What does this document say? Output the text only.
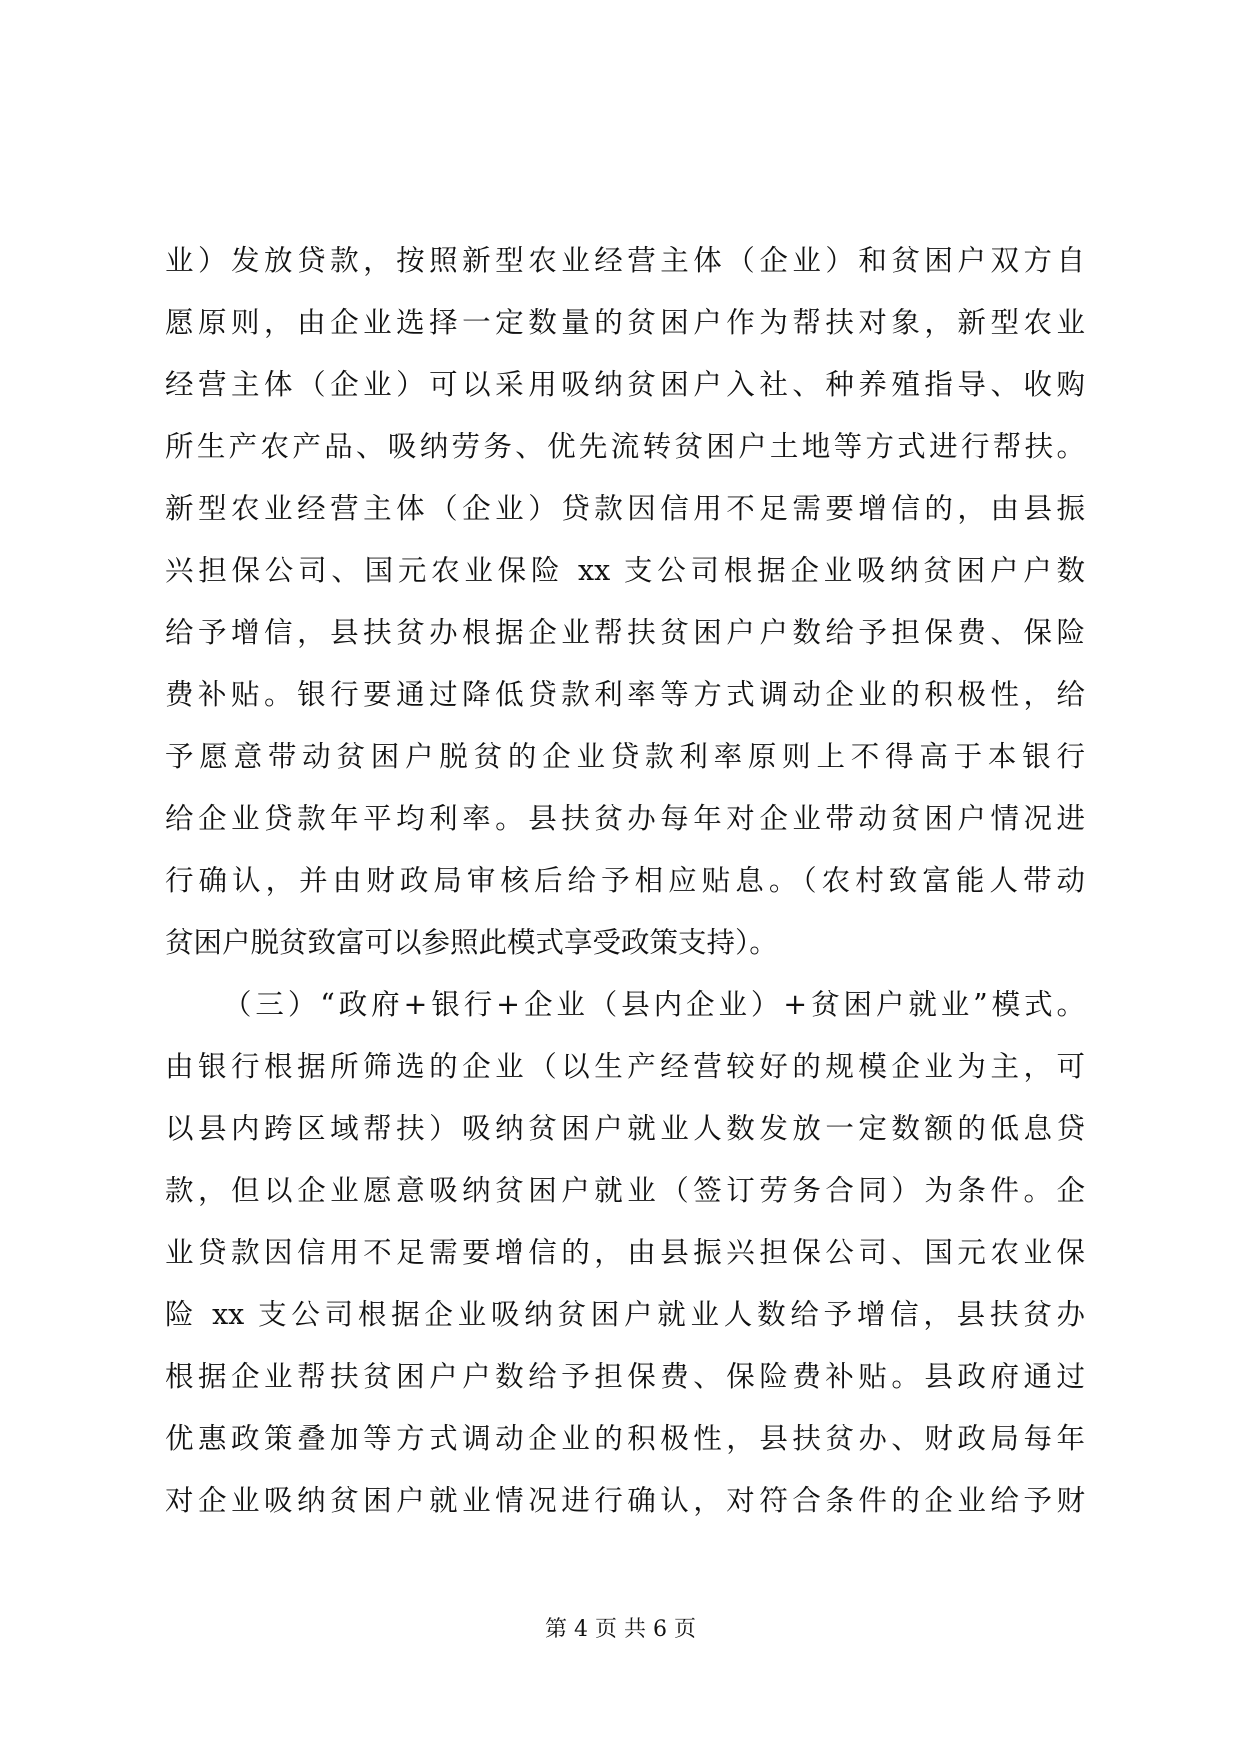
业）发放贷款，按照新型农业经营主体（企业）和贫困户双方自
愿原则，由企业选择一定数量的贫困户作为帮扶对象，新型农业
经营主体（企业）可以采用吸纳贫困户入社、种养殖指导、收购
所生产农产品、吸纳劳务、优先流转贫困户土地等方式进行帮扶。
新型农业经营主体（企业）贷款因信用不足需要增信的，由县振
兴担保公司、国元农业保险 xx 支公司根据企业吸纳贫困户户数
给予增信，县扶贫办根据企业帮扶贫困户户数给予担保费、保险
费补贴。银行要通过降低贷款利率等方式调动企业的积极性，给
予愿意带动贫困户脱贫的企业贷款利率原则上不得高于本银行
给企业贷款年平均利率。县扶贫办每年对企业带动贫困户情况进
行确认，并由财政局审核后给予相应贴息。（农村致富能人带动
贫困户脱贫致富可以参照此模式享受政策支持）。
（三）“政府+银行+企业（县内企业）+贫困户就业”模式。
由银行根据所筛选的企业（以生产经营较好的规模企业为主，可
以县内跨区域帮扶）吸纳贫困户就业人数发放一定数额的低息贷
款，但以企业愿意吸纳贫困户就业（签订劳务合同）为条件。企
业贷款因信用不足需要增信的，由县振兴担保公司、国元农业保
险 xx 支公司根据企业吸纳贫困户就业人数给予增信，县扶贫办
根据企业帮扶贫困户户数给予担保费、保险费补贴。县政府通过
优惠政策叠加等方式调动企业的积极性，县扶贫办、财政局每年
对企业吸纳贫困户就业情况进行确认，对符合条件的企业给予财
第 4 页 共 6 页
